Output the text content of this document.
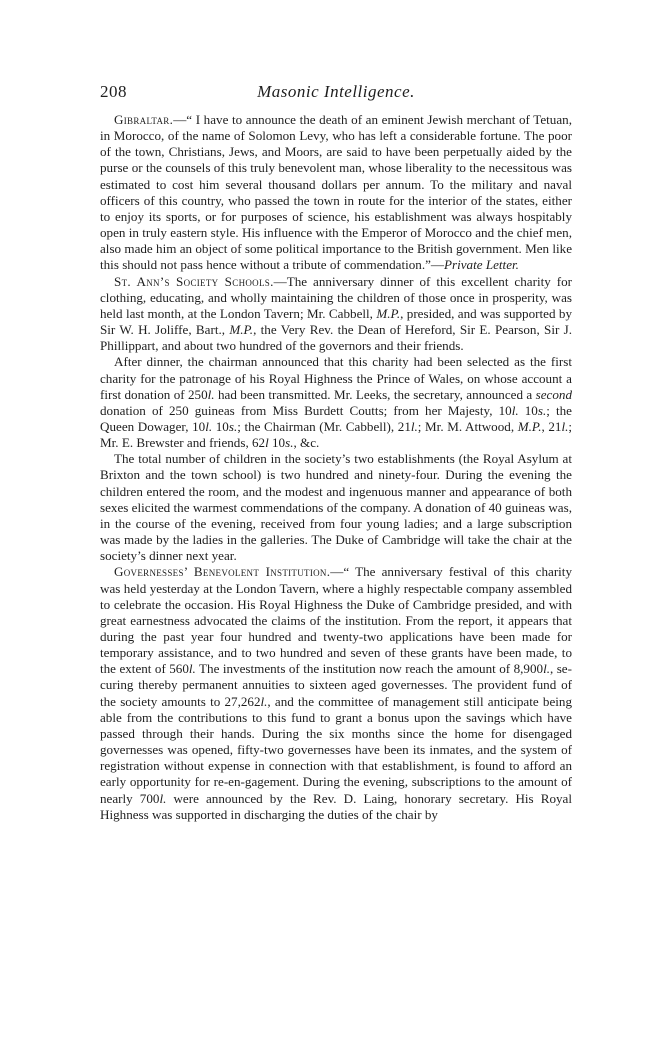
208	Masonic Intelligence.

Gibraltar.—“ I have to announce the death of an eminent Jewish merchant of Tetuan, in Morocco, of the name of Solomon Levy, who has left a considerable fortune. The poor of the town, Christians, Jews, and Moors, are said to have been perpetually aided by the purse or the counsels of this truly benevolent man, whose liberality to the necessitous was estimated to cost him several thousand dollars per annum. To the military and naval officers of this country, who passed the town in route for the interior of the states, either to enjoy its sports, or for purposes of science, his establishment was always hospitably open in truly eastern style. His influence with the Emperor of Morocco and the chief men, also made him an object of some political importance to the British government. Men like this should not pass hence without a tribute of commendation.”—Private Letter.

St. Ann’s Society Schools.—The anniversary dinner of this excellent charity for clothing, educating, and wholly maintaining the children of those once in prosperity, was held last month, at the London Tavern; Mr. Cabbell, M.P., presided, and was supported by Sir W. H. Joliffe, Bart., M.P., the Very Rev. the Dean of Hereford, Sir E. Pearson, Sir J. Phillippart, and about two hundred of the governors and their friends.

After dinner, the chairman announced that this charity had been selected as the first charity for the patronage of his Royal Highness the Prince of Wales, on whose account a first donation of 250l. had been transmitted. Mr. Leeks, the secretary, announced a second donation of 250 guineas from Miss Burdett Coutts; from her Majesty, 10l. 10s.; the Queen Dowager, 10l. 10s.; the Chairman (Mr. Cabbell), 21l.; Mr. M. Attwood, M.P., 21l.; Mr. E. Brewster and friends, 62l 10s., &c.

The total number of children in the society’s two establishments (the Royal Asylum at Brixton and the town school) is two hundred and ninety-four. During the evening the children entered the room, and the modest and ingenuous manner and appearance of both sexes elicited the warmest commendations of the company. A donation of 40 guineas was, in the course of the evening, received from four young ladies; and a large subscription was made by the ladies in the galleries. The Duke of Cambridge will take the chair at the society’s dinner next year.

Governesses’ Benevolent Institution.—“ The anniversary festival of this charity was held yesterday at the London Tavern, where a highly respectable company assembled to celebrate the occasion. His Royal Highness the Duke of Cambridge presided, and with great earnestness advocated the claims of the institution. From the report, it appears that during the past year four hundred and twenty-two applications have been made for temporary assistance, and to two hundred and seven of these grants have been made, to the extent of 560l. The investments of the institution now reach the amount of 8,900l., se-curing thereby permanent annuities to sixteen aged governesses. The provident fund of the society amounts to 27,262l., and the committee of management still anticipate being able from the contributions to this fund to grant a bonus upon the savings which have passed through their hands. During the six months since the home for disengaged governesses was opened, fifty-two governesses have been its inmates, and the system of registration without expense in connection with that establishment, is found to afford an early opportunity for re-en-gagement. During the evening, subscriptions to the amount of nearly 700l. were announced by the Rev. D. Laing, honorary secretary. His Royal Highness was supported in discharging the duties of the chair by
